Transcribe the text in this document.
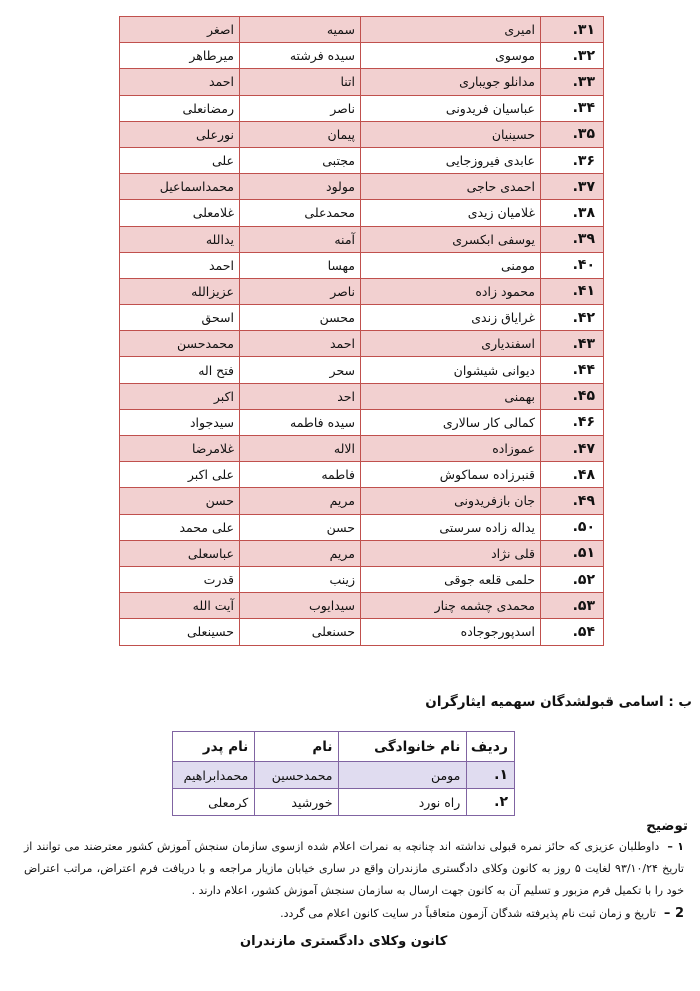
۳۱.	امیری	سمیه	اصغر
۳۲.	موسوی	سیده فرشته	میرطاهر
۳۳.	مدانلو جویباری	اتنا	احمد
۳۴.	عباسیان فریدونی	ناصر	رمضانعلی
۳۵.	حسینیان	پیمان	نورعلی
۳۶.	عابدی فیروزجایی	مجتبی	علی
۳۷.	احمدی حاجی	مولود	محمداسماعیل
۳۸.	غلامیان زیدی	محمدعلی	غلامعلی
۳۹.	یوسفی ابکسری	آمنه	یدالله
۴۰.	مومنی	مهسا	احمد
۴۱.	محمود زاده	ناصر	عزیزالله
۴۲.	غرایاق زندی	محسن	اسحق
۴۳.	اسفندیاری	احمد	محمدحسن
۴۴.	دیوانی شیشوان	سحر	فتح اله
۴۵.	بهمنی	احد	اکبر
۴۶.	کمالی کار سالاری	سیده فاطمه	سیدجواد
۴۷.	عموزاده	الاله	غلامرضا
۴۸.	قنبرزاده سماکوش	فاطمه	علی اکبر
۴۹.	جان بازفریدونی	مریم	حسن
۵۰.	یداله زاده سرستی	حسن	علی محمد
۵۱.	قلی نژاد	مریم	عباسعلی
۵۲.	حلمی قلعه جوقی	زینب	قدرت
۵۳.	محمدی چشمه چنار	سیدایوب	آیت الله
۵۴.	اسدپورجوجاده	حسنعلی	حسینعلی
ب : اسامی قبولشدگان سهمیه ایثارگران
ردیف	نام خانوادگی	نام	نام پدر
۱.	مومن	محمدحسین	محمدابراهیم
۲.	راه نورد	خورشید	کرمعلی
توضیح
۱ –داوطلبان عزیزی که حائز نمره قبولی نداشته اند چنانچه به نمرات اعلام شده ازسوی سازمان سنجش آموزش کشور معترضند می توانند از تاریخ ۹۳/۱۰/۲۴ لغایت ۵ روز به کانون وکلای دادگستری مازندران واقع در ساری خیابان مازیار مراجعه و با دریافت فرم اعتراض، مراتب اعتراض خود را با تکمیل فرم مزبور و تسلیم آن به کانون جهت ارسال به سازمان سنجش آموزش کشور، اعلام دارند .
2 –تاریخ و زمان ثبت نام پذیرفته شدگان آزمون متعاقباً در سایت کانون اعلام می گردد.
کانون وکلای دادگستری مازندران
